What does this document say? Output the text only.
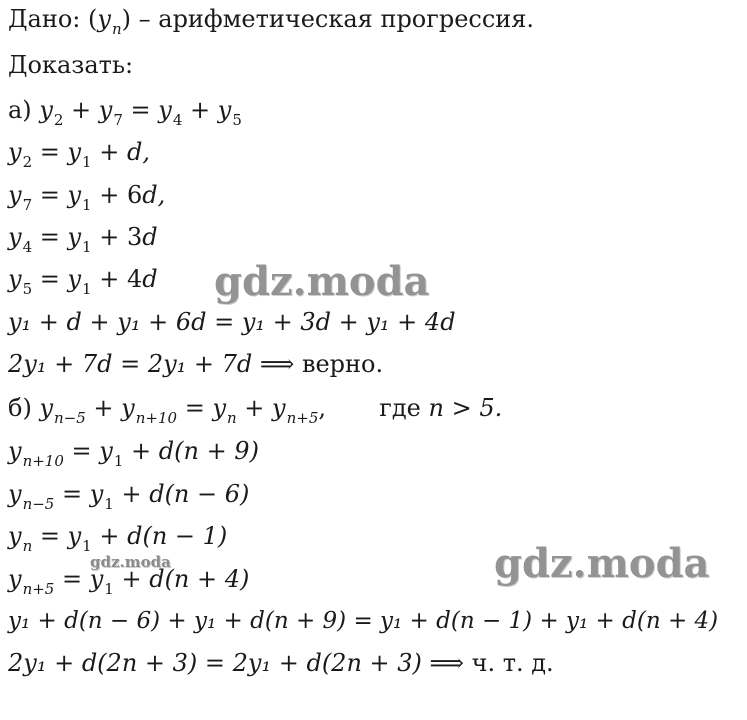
Дано: $(y_n)$ – арифметическая прогрессия.
Доказать:
а) $y_2 + y_7 = y_4 + y_5$
$y_2 = y_1 + d$,
$y_7 = y_1 + 6d$,
$y_4 = y_1 + 3d$
$y_5 = y_1 + 4d$
y₁ + d + y₁ + 6d = y₁ + 3d + y₁ + 4d
2y₁ + 7d = 2y₁ + 7d ⟹ верно.
б) $y_{n-5} + y_{n+10} = y_n + y_{n+5}$,  где n > 5.
$y_{n+10} = y_1 + d(n + 9)$
$y_{n-5} = y_1 + d(n - 6)$
$y_n = y_1 + d(n - 1)$
$y_{n+5} = y_1 + d(n + 4)$
y₁ + d(n − 6) + y₁ + d(n + 9) = y₁ + d(n − 1) + y₁ + d(n + 4)
2y₁ + d(2n + 3) = 2y₁ + d(2n + 3) ⟹ ч. т. д.
gdz.moda
gdz.moda
gdz.moda
